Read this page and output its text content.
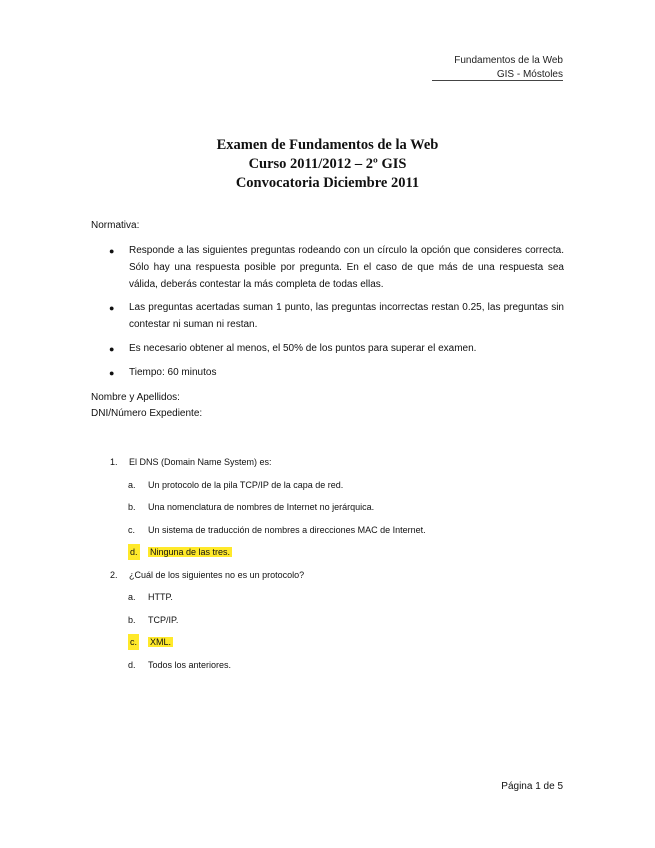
Fundamentos de la Web
GIS - Móstoles
Examen de Fundamentos de la Web
Curso 2011/2012 – 2º GIS
Convocatoria Diciembre 2011
Normativa:
● Responde a las siguientes preguntas rodeando con un círculo la opción que consideres correcta. Sólo hay una respuesta posible por pregunta. En el caso de que más de una respuesta sea válida, deberás contestar la más completa de todas ellas.
● Las preguntas acertadas suman 1 punto, las preguntas incorrectas restan 0.25, las preguntas sin contestar ni suman ni restan.
● Es necesario obtener al menos, el 50% de los puntos para superar el examen.
● Tiempo: 60 minutos
Nombre y Apellidos:
DNI/Número Expediente:
1.	El DNS (Domain Name System) es:
a. Un protocolo de la pila TCP/IP de la capa de red.
b. Una nomenclatura de nombres de Internet no jerárquica.
c. Un sistema de traducción de nombres a direcciones MAC de Internet.
d. Ninguna de las tres.
2.	¿Cuál de los siguientes no es un protocolo?
a. HTTP.
b. TCP/IP.
c. XML.
d. Todos los anteriores.
Página 1 de 5
